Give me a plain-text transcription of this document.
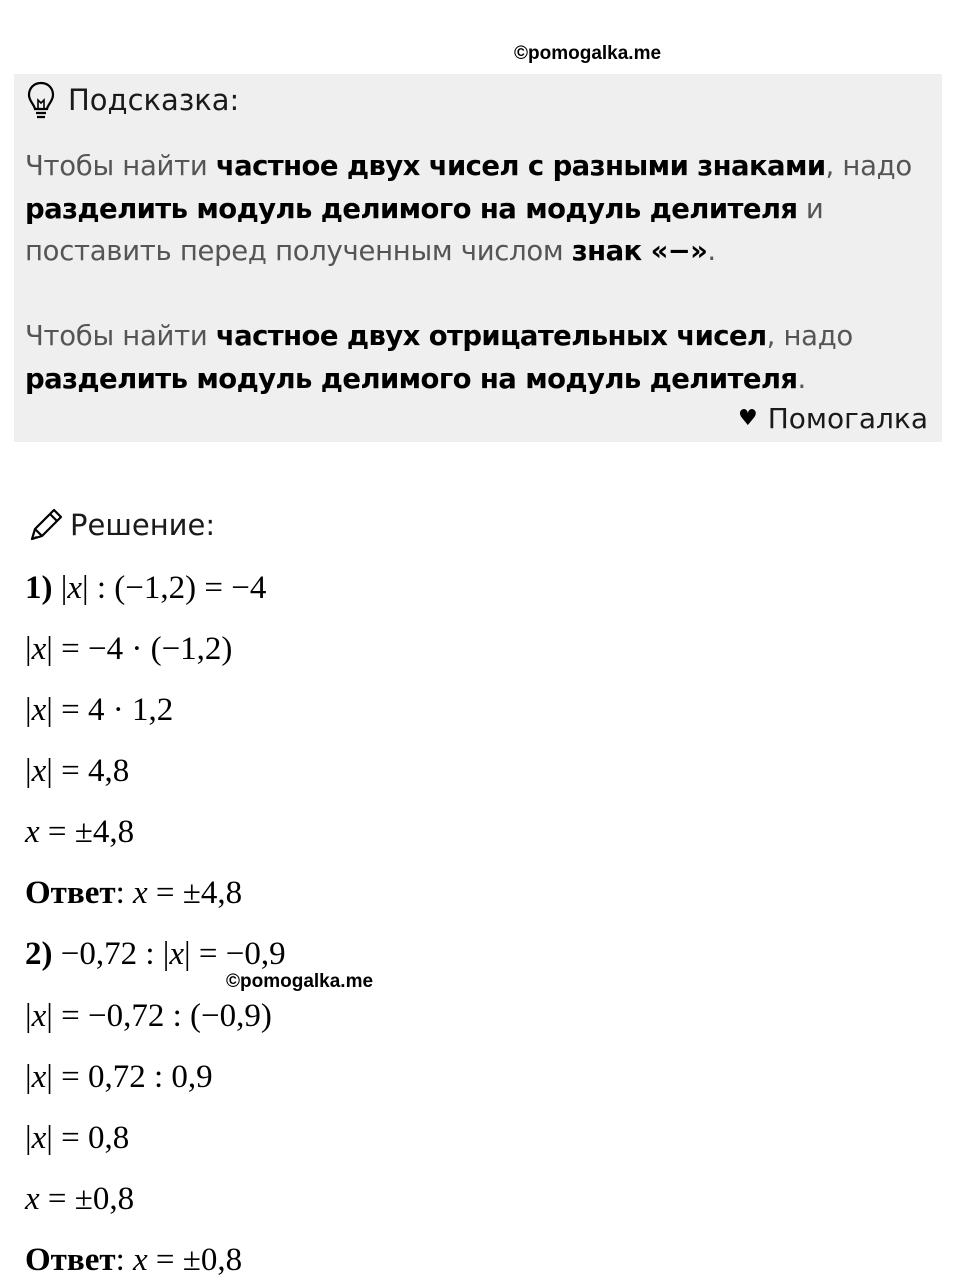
©pomogalka.me
Подсказка:
Чтобы найти частное двух чисел с разными знаками, надо разделить модуль делимого на модуль делителя и поставить перед полученным числом знак «−».
Чтобы найти частное двух отрицательных чисел, надо разделить модуль делимого на модуль делителя.
♥ Помогалка
Решение:
1) |x| : (−1,2) = −4
|x| = −4 · (−1,2)
|x| = 4 · 1,2
|x| = 4,8
x = ±4,8
Ответ: x = ±4,8
2) −0,72 : |x| = −0,9
©pomogalka.me
|x| = −0,72 : (−0,9)
|x| = 0,72 : 0,9
|x| = 0,8
x = ±0,8
Ответ: x = ±0,8
